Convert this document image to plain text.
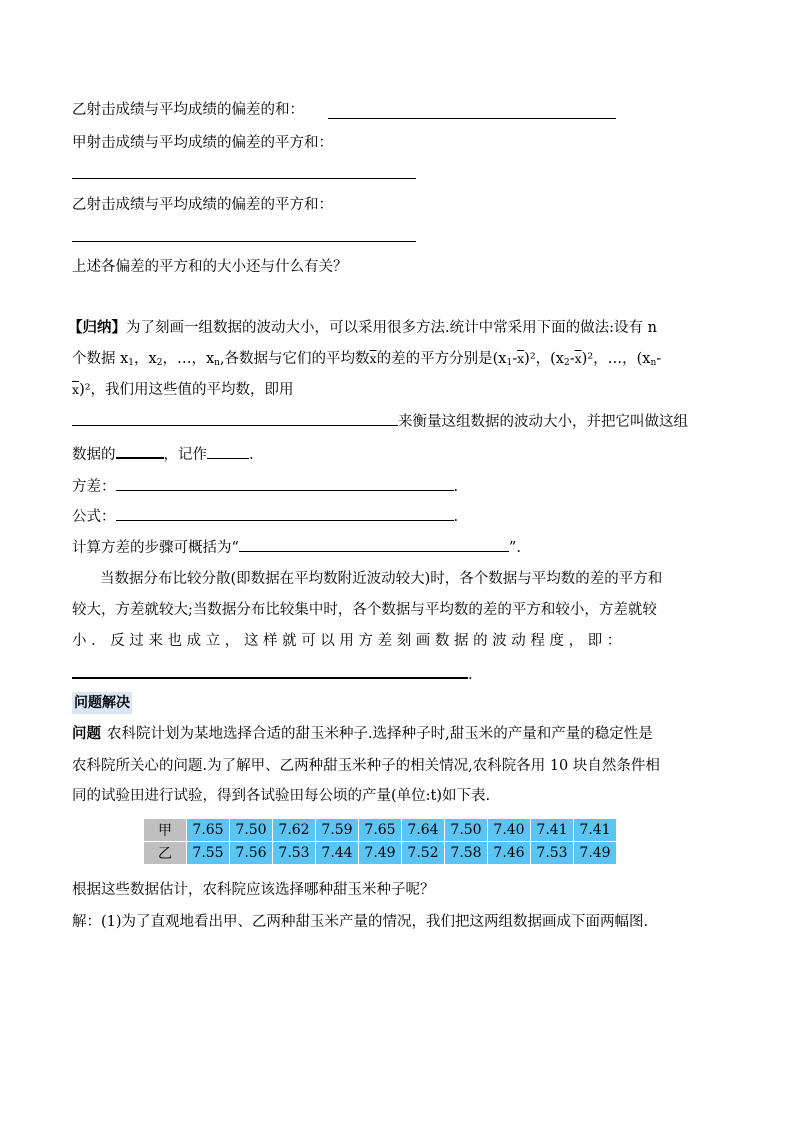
乙射击成绩与平均成绩的偏差的和：
甲射击成绩与平均成绩的偏差的平方和：
乙射击成绩与平均成绩的偏差的平方和：
上述各偏差的平方和的大小还与什么有关？
【归纳】为了刻画一组数据的波动大小，可以采用很多方法.统计中常采用下面的做法:设有 n
个数据 $x_1$，$x_2$，…，$x_n$,各数据与它们的平均数$\overline{x}$的差的平方分别是$(x_1-\overline{x})^2$，$(x_2-\overline{x})^2$，…，($x_n-$
$\overline{x})^2$，我们用这些值的平均数，即用
来衡量这组数据的波动大小，并把它叫做这组
数据的	，记作	.
方差：	.
公式：	.
计算方差的步骤可概括为“	”.
当数据分布比较分散(即数据在平均数附近波动较大)时，各个数据与平均数的差的平方和
较大，方差就较大;当数据分布比较集中时，各个数据与平均数的差的平方和较小，方差就较
小．反过来也成立，这样就可以用方差刻画数据的波动程度，即：
.
问题解决
问题 农科院计划为某地选择合适的甜玉米种子.选择种子时,甜玉米的产量和产量的稳定性是
农科院所关心的问题.为了解甲、乙两种甜玉米种子的相关情况,农科院各用 10 块自然条件相
同的试验田进行试验，得到各试验田每公顷的产量(单位:t)如下表.
甲	7.65	7.50	7.62	7.59	7.65	7.64	7.50	7.40	7.41	7.41
乙	7.55	7.56	7.53	7.44	7.49	7.52	7.58	7.46	7.53	7.49
根据这些数据估计，农科院应该选择哪种甜玉米种子呢？
解：(1)为了直观地看出甲、乙两种甜玉米产量的情况，我们把这两组数据画成下面两幅图.
